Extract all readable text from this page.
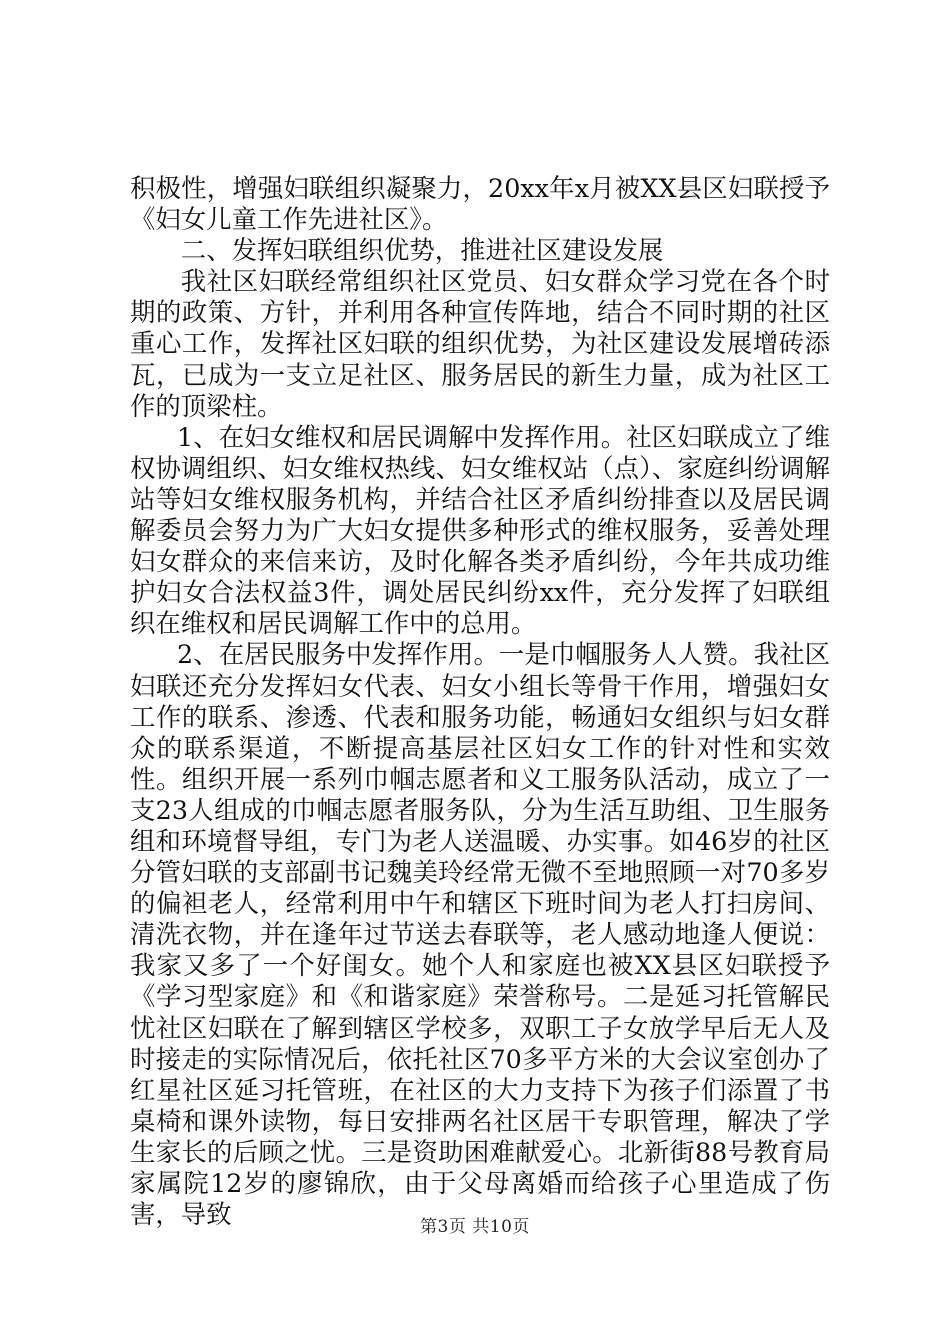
积极性，增强妇联组织凝聚力，20xx年x月被XX县区妇联授予《妇女儿童工作先进社区》。

二、发挥妇联组织优势，推进社区建设发展

我社区妇联经常组织社区党员、妇女群众学习党在各个时期的政策、方针，并利用各种宣传阵地，结合不同时期的社区重心工作，发挥社区妇联的组织优势，为社区建设发展增砖添瓦，已成为一支立足社区、服务居民的新生力量，成为社区工作的顶梁柱。

1、在妇女维权和居民调解中发挥作用。社区妇联成立了维权协调组织、妇女维权热线、妇女维权站（点）、家庭纠纷调解站等妇女维权服务机构，并结合社区矛盾纠纷排查以及居民调解委员会努力为广大妇女提供多种形式的维权服务，妥善处理妇女群众的来信来访，及时化解各类矛盾纠纷，今年共成功维护妇女合法权益3件，调处居民纠纷xx件，充分发挥了妇联组织在维权和居民调解工作中的总用。

2、在居民服务中发挥作用。一是巾帼服务人人赞。我社区妇联还充分发挥妇女代表、妇女小组长等骨干作用，增强妇女工作的联系、渗透、代表和服务功能，畅通妇女组织与妇女群众的联系渠道，不断提高基层社区妇女工作的针对性和实效性。组织开展一系列巾帼志愿者和义工服务队活动，成立了一支23人组成的巾帼志愿者服务队，分为生活互助组、卫生服务组和环境督导组，专门为老人送温暖、办实事。如46岁的社区分管妇联的支部副书记魏美玲经常无微不至地照顾一对70多岁的偏袒老人，经常利用中午和辖区下班时间为老人打扫房间、清洗衣物，并在逢年过节送去春联等，老人感动地逢人便说：我家又多了一个好闺女。她个人和家庭也被XX县区妇联授予《学习型家庭》和《和谐家庭》荣誉称号。二是延习托管解民忧社区妇联在了解到辖区学校多，双职工子女放学早后无人及时接走的实际情况后，依托社区70多平方米的大会议室创办了红星社区延习托管班，在社区的大力支持下为孩子们添置了书桌椅和课外读物，每日安排两名社区居干专职管理，解决了学生家长的后顾之忧。三是资助困难献爱心。北新街88号教育局家属院12岁的廖锦欣，由于父母离婚而给孩子心里造成了伤害，导致	第3页 共10页
